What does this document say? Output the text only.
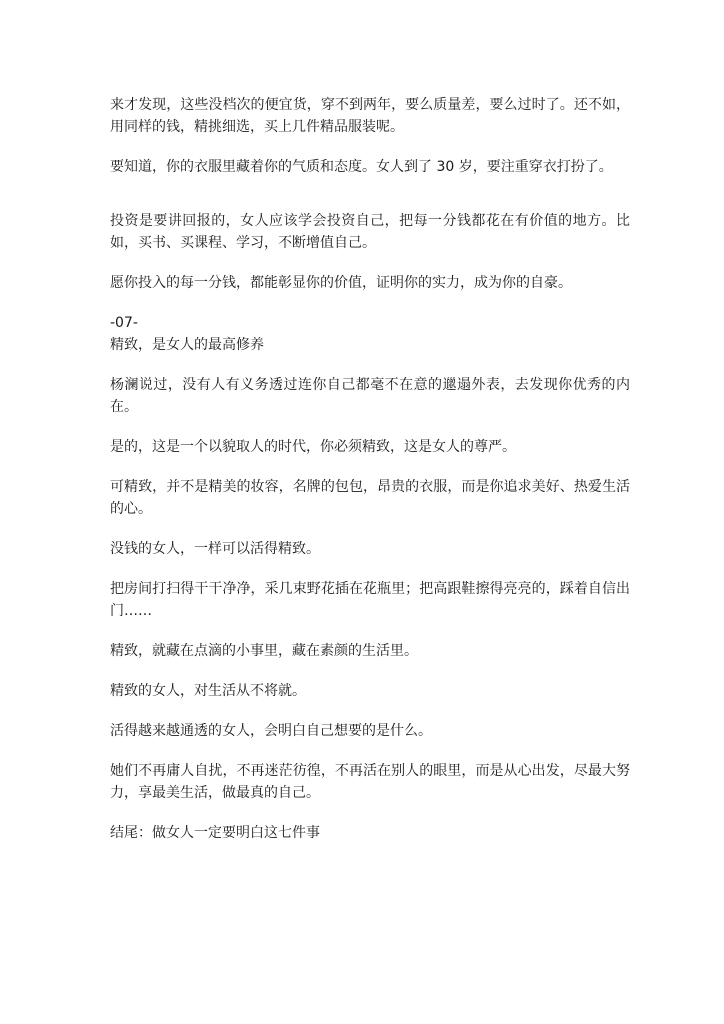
来才发现，这些没档次的便宜货，穿不到两年，要么质量差，要么过时了。还不如，用同样的钱，精挑细选，买上几件精品服装呢。

要知道，你的衣服里藏着你的气质和态度。女人到了 30 岁，要注重穿衣打扮了。

投资是要讲回报的，女人应该学会投资自己，把每一分钱都花在有价值的地方。比如，买书、买课程、学习，不断增值自己。

愿你投入的每一分钱，都能彰显你的价值，证明你的实力，成为你的自豪。

-07-

精致，是女人的最高修养

杨澜说过，没有人有义务透过连你自己都毫不在意的邋遢外表，去发现你优秀的内在。

是的，这是一个以貌取人的时代，你必须精致，这是女人的尊严。

可精致，并不是精美的妆容，名牌的包包，昂贵的衣服，而是你追求美好、热爱生活的心。

没钱的女人，一样可以活得精致。

把房间打扫得干干净净，采几束野花插在花瓶里；把高跟鞋擦得亮亮的，踩着自信出门……

精致，就藏在点滴的小事里，藏在素颜的生活里。

精致的女人，对生活从不将就。

活得越来越通透的女人，会明白自己想要的是什么。

她们不再庸人自扰，不再迷茫彷徨，不再活在别人的眼里，而是从心出发，尽最大努力，享最美生活，做最真的自己。

结尾：做女人一定要明白这七件事
